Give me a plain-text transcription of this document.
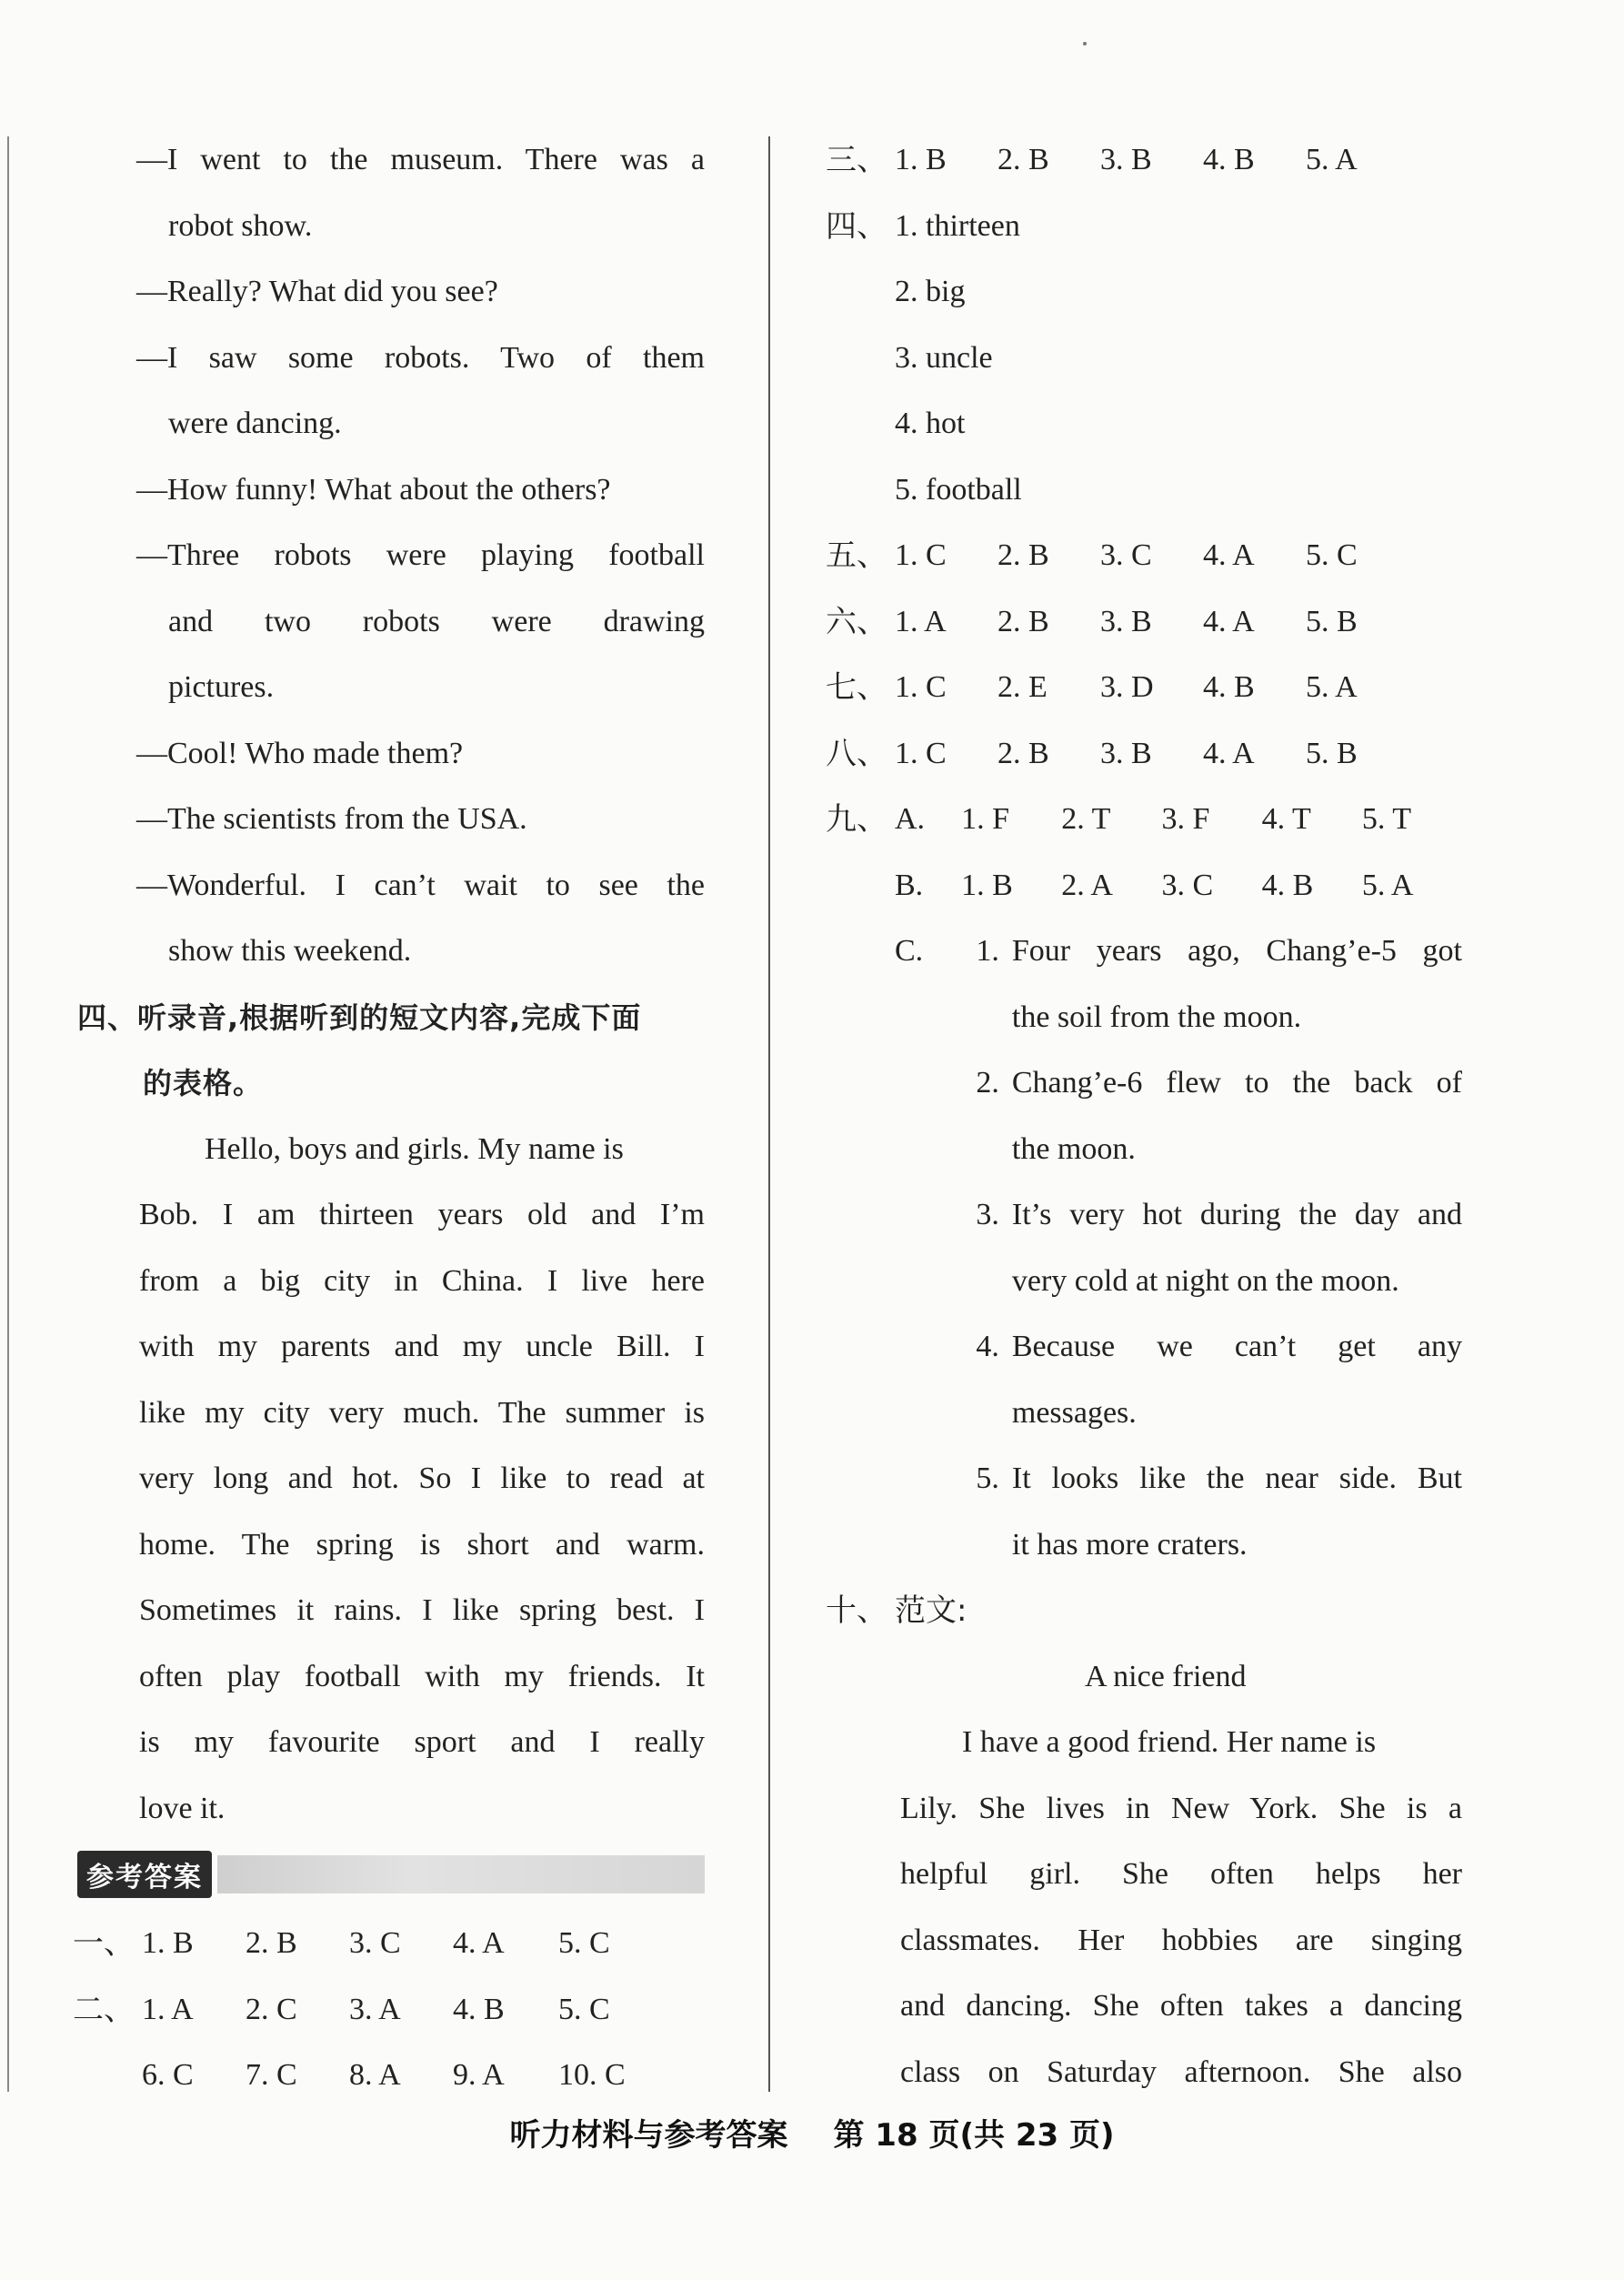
—I went to the museum. There was a
robot show.
—Really? What did you see?
—I saw some robots. Two of them
were dancing.
—How funny! What about the others?
—Three robots were playing football
and two robots were drawing
pictures.
—Cool! Who made them?
—The scientists from the USA.
—Wonderful. I can’t wait to see the
show this weekend.
四、听录音,根据听到的短文内容,完成下面
的表格。
Hello, boys and girls. My name is
Bob. I am thirteen years old and I’m
from a big city in China. I live here
with my parents and my uncle Bill. I
like my city very much. The summer is
very long and hot. So I like to read at
home. The spring is short and warm.
Sometimes it rains. I like spring best. I
often play football with my friends. It
is my favourite sport and I really
love it.
参考答案
一、 1. B	2. B	3. C	4. A	5. C
二、 1. A	2. C	3. A	4. B	5. C
6. C	7. C	8. A	9. A	10. C
三、 1. B	2. B	3. B	4. B	5. A
四、 1. thirteen
2. big
3. uncle
4. hot
5. football
五、 1. C	2. B	3. C	4. A	5. C
六、 1. A	2. B	3. B	4. A	5. B
七、 1. C	2. E	3. D	4. B	5. A
八、 1. C	2. B	3. B	4. A	5. B
九、 A.	1. F	2. T	3. F	4. T	5. T
B.	1. B	2. A	3. C	4. B	5. A
C.	1. Four years ago, Chang’e-5 got
the soil from the moon.
2. Chang’e-6 flew to the back of
the moon.
3. It’s very hot during the day and
very cold at night on the moon.
4. Because we can’t get any
messages.
5. It looks like the near side. But
it has more craters.
十、 范文:
A nice friend
I have a good friend. Her name is
Lily. She lives in New York. She is a
helpful girl. She often helps her
classmates. Her hobbies are singing
and dancing. She often takes a dancing
class on Saturday afternoon. She also
听力材料与参考答案 第 18 页(共 23 页)
